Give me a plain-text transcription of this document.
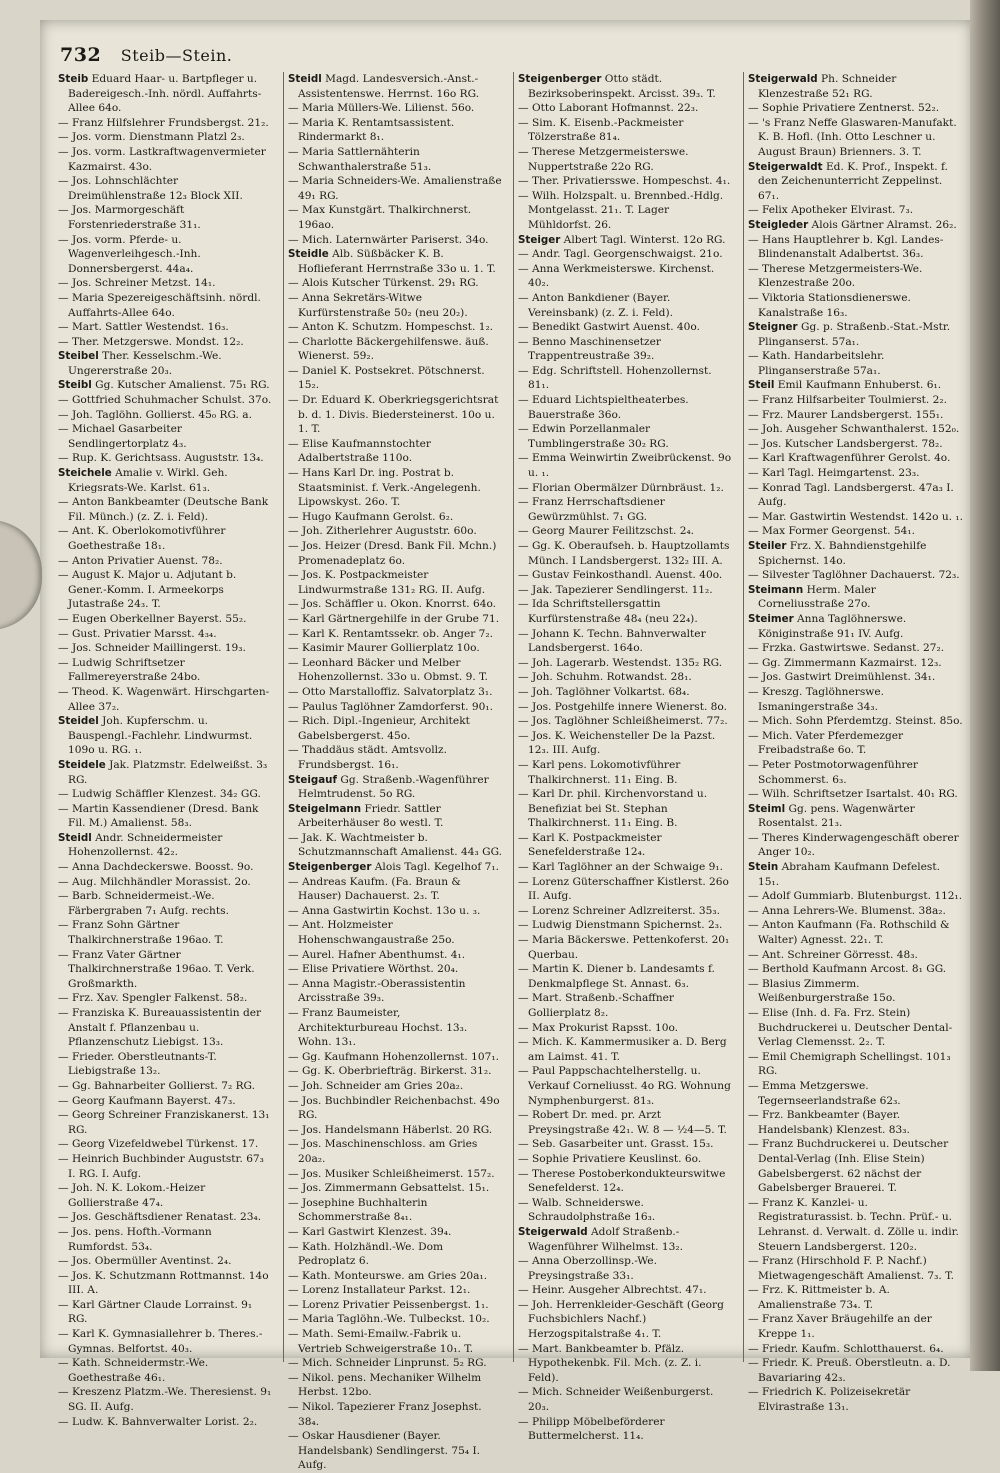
732 Steib—Stein.

Steib Eduard Haar- u. Bartpfleger u. Badereigesch.-Inh. nördl. Auffahrts-Allee 64o.

— Franz Hilfslehrer Frundsbergst. 21₂.

— Jos. vorm. Dienstmann Platzl 2₃.

— Jos. vorm. Lastkraftwagenvermieter Kazmairst. 43o.

— Jos. Lohnschlächter Dreimühlenstraße 12₃ Block XII.

— Jos. Marmorgeschäft Forstenriederstraße 31₁.

— Jos. vorm. Pferde- u. Wagenverleihgesch.-Inh. Donnersbergerst. 44a₄.

— Jos. Schreiner Metzst. 14₁.

— Maria Spezereigeschäftsinh. nördl. Auffahrts-Allee 64o.

— Mart. Sattler Westendst. 16₃.

— Ther. Metzgerswe. Mondst. 12₂.

Steibel Ther. Kesselschm.-We. Ungererstraße 20₃.

Steibl Gg. Kutscher Amalienst. 75₁ RG.

— Gottfried Schuhmacher Schulst. 37o.

— Joh. Taglöhn. Gollierst. 45₀ RG. a.

— Michael Gasarbeiter Sendlingertorplatz 4₃.

— Rup. K. Gerichtsass. Auguststr. 13₄.

Steichele Amalie v. Wirkl. Geh. Kriegsrats-We. Karlst. 61₃.

— Anton Bankbeamter (Deutsche Bank Fil. Münch.) (z. Z. i. Feld).

— Ant. K. Oberlokomotivführer Goethestraße 18₁.

— Anton Privatier Auenst. 78₂.

— August K. Major u. Adjutant b. Gener.-Komm. I. Armeekorps Jutastraße 24₃. T.

— Eugen Oberkellner Bayerst. 55₂.

— Gust. Privatier Marsst. 4₃₄.

— Jos. Schneider Maillingerst. 19₃.

— Ludwig Schriftsetzer Fallmereyerstraße 24bo.

— Theod. K. Wagenwärt. Hirschgarten-Allee 37₂.

Steidel Joh. Kupferschm. u. Bauspengl.-Fachlehr. Lindwurmst. 109o u. RG. ₁.

Steidele Jak. Platzmstr. Edelweißst. 3₃ RG.

— Ludwig Schäffler Klenzest. 34₂ GG.

— Martin Kassendiener (Dresd. Bank Fil. M.) Amalienst. 58₃.

Steidl Andr. Schneidermeister Hohenzollernst. 42₂.

— Anna Dachdeckerswe. Boosst. 9o.

— Aug. Milchhändler Morassist. 2o.

— Barb. Schneidermeist.-We. Färbergraben 7₁ Aufg. rechts.

— Franz Sohn Gärtner Thalkirchnerstraße 196ao. T.

— Franz Vater Gärtner Thalkirchnerstraße 196ao. T. Verk. Großmarkth.

— Frz. Xav. Spengler Falkenst. 58₂.

— Franziska K. Bureauassistentin der Anstalt f. Pflanzenbau u. Pflanzenschutz Liebigst. 13₃.

— Frieder. Oberstleutnants-T. Liebigstraße 13₂.

— Gg. Bahnarbeiter Gollierst. 7₂ RG.

— Georg Kaufmann Bayerst. 47₃.

— Georg Schreiner Franziskanerst. 13₁ RG.

— Georg Vizefeldwebel Türkenst. 17.

— Heinrich Buchbinder Auguststr. 67₃ I. RG. I. Aufg.

— Joh. N. K. Lokom.-Heizer Gollierstraße 47₄.

— Jos. Geschäftsdiener Renatast. 23₄.

— Jos. pens. Hofth.-Vormann Rumfordst. 53₄.

— Jos. Obermüller Aventinst. 2₄.

— Jos. K. Schutzmann Rottmannst. 14o III. A.

— Karl Gärtner Claude Lorrainst. 9₁ RG.

— Karl K. Gymnasiallehrer b. Theres.-Gymnas. Belfortst. 40₃.

— Kath. Schneidermstr.-We. Goethestraße 46₁.

— Kreszenz Platzm.-We. Theresienst. 9₁ SG. II. Aufg.

— Ludw. K. Bahnverwalter Lorist. 2₂.

Steidl Magd. Landesversich.-Anst.-Assistentenswe. Herrnst. 16o RG.

— Maria Müllers-We. Lilienst. 56o.

— Maria K. Rentamtsassistent. Rindermarkt 8₁.

— Maria Sattlernähterin Schwanthalerstraße 51₃.

— Maria Schneiders-We. Amalienstraße 49₁ RG.

— Max Kunstgärt. Thalkirchnerst. 196ao.

— Mich. Laternwärter Pariserst. 34o.

Steidle Alb. Süßbäcker K. B. Hoflieferant Herrnstraße 33o u. 1. T.

— Alois Kutscher Türkenst. 29₁ RG.

— Anna Sekretärs-Witwe Kurfürstenstraße 50₂ (neu 20₂).

— Anton K. Schutzm. Hompeschst. 1₂.

— Charlotte Bäckergehilfenswe. äuß. Wienerst. 59₂.

— Daniel K. Postsekret. Pötschnerst. 15₂.

— Dr. Eduard K. Oberkriegsgerichtsrat b. d. 1. Divis. Biedersteinerst. 10o u. 1. T.

— Elise Kaufmannstochter Adalbertstraße 110o.

— Hans Karl Dr. ing. Postrat b. Staatsminist. f. Verk.-Angelegenh. Lipowskyst. 26o. T.

— Hugo Kaufmann Gerolst. 6₂.

— Joh. Zitherlehrer Auguststr. 60o.

— Jos. Heizer (Dresd. Bank Fil. Mchn.) Promenadeplatz 6o.

— Jos. K. Postpackmeister Lindwurmstraße 131₂ RG. II. Aufg.

— Jos. Schäffler u. Okon. Knorrst. 64o.

— Karl Gärtnergehilfe in der Grube 71.

— Karl K. Rentamtssekr. ob. Anger 7₂.

— Kasimir Maurer Gollierplatz 10o.

— Leonhard Bäcker und Melber Hohenzollernst. 33o u. Obmst. 9. T.

— Otto Marstalloffiz. Salvatorplatz 3₁.

— Paulus Taglöhner Zamdorferst. 90₁.

— Rich. Dipl.-Ingenieur, Architekt Gabelsbergerst. 45o.

— Thaddäus städt. Amtsvollz. Frundsbergst. 16₁.

Steigauf Gg. Straßenb.-Wagenführer Helmtrudenst. 5o RG.

Steigelmann Friedr. Sattler Arbeiterhäuser 8o westl. T.

— Jak. K. Wachtmeister b. Schutzmannschaft Amalienst. 44₃ GG.

Steigenberger Alois Tagl. Kegelhof 7₁.

— Andreas Kaufm. (Fa. Braun & Hauser) Dachauerst. 2₃. T.

— Anna Gastwirtin Kochst. 13o u. ₃.

— Ant. Holzmeister Hohenschwangaustraße 25o.

— Aurel. Hafner Abenthumst. 4₁.

— Elise Privatiere Wörthst. 20₄.

— Anna Magistr.-Oberassistentin Arcisstraße 39₃.

— Franz Baumeister, Architekturbureau Hochst. 13₃. Wohn. 13₁.

— Gg. Kaufmann Hohenzollernst. 107₁.

— Gg. K. Oberbriefträg. Birkerst. 31₂.

— Joh. Schneider am Gries 20a₂.

— Jos. Buchbindler Reichenbachst. 49o RG.

— Jos. Handelsmann Häberlst. 20 RG.

— Jos. Maschinenschloss. am Gries 20a₂.

— Jos. Musiker Schleißheimerst. 157₂.

— Jos. Zimmermann Gebsattelst. 15₁.

— Josephine Buchhalterin Schommerstraße 8₄₁.

— Karl Gastwirt Klenzest. 39₄.

— Kath. Holzhändl.-We. Dom Pedroplatz 6.

— Kath. Monteurswe. am Gries 20a₁.

— Lorenz Installateur Parkst. 12₁.

— Lorenz Privatier Peissenbergst. 1₁.

— Maria Taglöhn.-We. Tulbeckst. 10₂.

— Math. Semi-Emailw.-Fabrik u. Vertrieb Schweigerstraße 10₁. T.

— Mich. Schneider Linprunst. 5₂ RG.

— Nikol. pens. Mechaniker Wilhelm Herbst. 12bo.

— Nikol. Tapezierer Franz Josephst. 38₄.

— Oskar Hausdiener (Bayer. Handelsbank) Sendlingerst. 75₄ I. Aufg.

Steigenberger Otto städt. Bezirksoberinspekt. Arcisst. 39₃. T.

— Otto Laborant Hofmannst. 22₃.

— Sim. K. Eisenb.-Packmeister Tölzerstraße 81₄.

— Therese Metzgermeisterswe. Nuppertstraße 22o RG.

— Ther. Privatiersswe. Hompeschst. 4₁.

— Wilh. Holzspalt. u. Brennbed.-Hdlg. Montgelasst. 21₁. T. Lager Mühldorfst. 26.

Steiger Albert Tagl. Winterst. 12o RG.

— Andr. Tagl. Georgenschwaigst. 21o.

— Anna Werkmeisterswe. Kirchenst. 40₂.

— Anton Bankdiener (Bayer. Vereinsbank) (z. Z. i. Feld).

— Benedikt Gastwirt Auenst. 40o.

— Benno Maschinensetzer Trappentreustraße 39₂.

— Edg. Schriftstell. Hohenzollernst. 81₁.

— Eduard Lichtspieltheaterbes. Bauerstraße 36o.

— Edwin Porzellanmaler Tumblingerstraße 30₂ RG.

— Emma Weinwirtin Zweibrückenst. 9o u. ₁.

— Florian Obermälzer Dürnbräust. 1₂.

— Franz Herrschaftsdiener Gewürzmühlst. 7₁ GG.

— Georg Maurer Feilitzschst. 2₄.

— Gg. K. Oberaufseh. b. Hauptzollamts Münch. I Landsbergerst. 132₂ III. A.

— Gustav Feinkosthandl. Auenst. 40o.

— Jak. Tapezierer Sendlingerst. 11₂.

— Ida Schriftstellersgattin Kurfürstenstraße 48₄ (neu 22₄).

— Johann K. Techn. Bahnverwalter Landsbergerst. 164o.

— Joh. Lagerarb. Westendst. 135₂ RG.

— Joh. Schuhm. Rotwandst. 28₁.

— Joh. Taglöhner Volkartst. 68₄.

— Jos. Postgehilfe innere Wienerst. 8o.

— Jos. Taglöhner Schleißheimerst. 77₂.

— Jos. K. Weichensteller De la Pazst. 12₃. III. Aufg.

— Karl pens. Lokomotivführer Thalkirchnerst. 11₁ Eing. B.

— Karl Dr. phil. Kirchenvorstand u. Benefiziat bei St. Stephan Thalkirchnerst. 11₁ Eing. B.

— Karl K. Postpackmeister Senefelderstraße 12₄.

— Karl Taglöhner an der Schwaige 9₁.

— Lorenz Güterschaffner Kistlerst. 26o II. Aufg.

— Lorenz Schreiner Adlzreiterst. 35₃.

— Ludwig Dienstmann Spichernst. 2₃.

— Maria Bäckerswe. Pettenkoferst. 20₁ Querbau.

— Martin K. Diener b. Landesamts f. Denkmalpflege St. Annast. 6₃.

— Mart. Straßenb.-Schaffner Gollierplatz 8₂.

— Max Prokurist Rapsst. 10o.

— Mich. K. Kammermusiker a. D. Berg am Laimst. 41. T.

— Paul Pappschachtelherstellg. u. Verkauf Corneliusst. 4o RG. Wohnung Nymphenburgerst. 81₃.

— Robert Dr. med. pr. Arzt Preysingstraße 42₁. W. 8 — ½4—5. T.

— Seb. Gasarbeiter unt. Grasst. 15₃.

— Sophie Privatiere Keuslinst. 6o.

— Therese Postoberkondukteurswitwe Senefelderst. 12₄.

— Walb. Schneiderswe. Schraudolphstraße 16₃.

Steigerwald Adolf Straßenb.-Wagenführer Wilhelmst. 13₂.

— Anna Oberzollinsp.-We. Preysingstraße 33₁.

— Heinr. Ausgeher Albrechtst. 47₁.

— Joh. Herrenkleider-Geschäft (Georg Fuchsbichlers Nachf.) Herzogspitalstraße 4₁. T.

— Mart. Bankbeamter b. Pfälz. Hypothekenbk. Fil. Mch. (z. Z. i. Feld).

— Mich. Schneider Weißenburgerst. 20₃.

— Philipp Möbelbeförderer Buttermelcherst. 11₄.

Steigerwald Ph. Schneider Klenzestraße 52₁ RG.

— Sophie Privatiere Zentnerst. 52₂.

— 's Franz Neffe Glaswaren-Manufakt. K. B. Hofl. (Inh. Otto Leschner u. August Braun) Brienners. 3. T.

Steigerwaldt Ed. K. Prof., Inspekt. f. den Zeichenunterricht Zeppelinst. 67₁.

— Felix Apotheker Elvirast. 7₃.

Steigleder Alois Gärtner Alramst. 26₂.

— Hans Hauptlehrer b. Kgl. Landes-Blindenanstalt Adalbertst. 36₃.

— Therese Metzgermeisters-We. Klenzestraße 20o.

— Viktoria Stationsdienerswe. Kanalstraße 16₃.

Steigner Gg. p. Straßenb.-Stat.-Mstr. Plinganserst. 57a₁.

— Kath. Handarbeitslehr. Plinganserstraße 57a₁.

Steil Emil Kaufmann Enhuberst. 6₁.

— Franz Hilfsarbeiter Toulmierst. 2₂.

— Frz. Maurer Landsbergerst. 155₁.

— Joh. Ausgeher Schwanthalerst. 152₀.

— Jos. Kutscher Landsbergerst. 78₂.

— Karl Kraftwagenführer Gerolst. 4o.

— Karl Tagl. Heimgartenst. 23₃.

— Konrad Tagl. Landsbergerst. 47a₃ I. Aufg.

— Mar. Gastwirtin Westendst. 142o u. ₁.

— Max Former Georgenst. 54₁.

Steiler Frz. X. Bahndienstgehilfe Spichernst. 14o.

— Silvester Taglöhner Dachauerst. 72₃.

Steimann Herm. Maler Corneliusstraße 27o.

Steimer Anna Taglöhnerswe. Königinstraße 91₁ IV. Aufg.

— Frzka. Gastwirtswe. Sedanst. 27₂.

— Gg. Zimmermann Kazmairst. 12₃.

— Jos. Gastwirt Dreimühlenst. 34₁.

— Kreszg. Taglöhnerswe. Ismaningerstraße 34₃.

— Mich. Sohn Pferdemtzg. Steinst. 85o.

— Mich. Vater Pferdemezger Freibadstraße 6o. T.

— Peter Postmotorwagenführer Schommerst. 6₃.

— Wilh. Schriftsetzer Isartalst. 40₁ RG.

Steiml Gg. pens. Wagenwärter Rosentalst. 21₃.

— Theres Kinderwagengeschäft oberer Anger 10₂.

Stein Abraham Kaufmann Defelest. 15₁.

— Adolf Gummiarb. Blutenburgst. 112₁.

— Anna Lehrers-We. Blumenst. 38a₂.

— Anton Kaufmann (Fa. Rothschild & Walter) Agnesst. 22₁. T.

— Ant. Schreiner Görresst. 48₃.

— Berthold Kaufmann Arcost. 8₁ GG.

— Blasius Zimmerm. Weißenburgerstraße 15o.

— Elise (Inh. d. Fa. Frz. Stein) Buchdruckerei u. Deutscher Dental-Verlag Clemensst. 2₂. T.

— Emil Chemigraph Schellingst. 101₃ RG.

— Emma Metzgerswe. Tegernseerlandstraße 62₃.

— Frz. Bankbeamter (Bayer. Handelsbank) Klenzest. 83₃.

— Franz Buchdruckerei u. Deutscher Dental-Verlag (Inh. Elise Stein) Gabelsbergerst. 62 nächst der Gabelsberger Brauerei. T.

— Franz K. Kanzlei- u. Registraturassist. b. Techn. Prüf.- u. Lehranst. d. Verwalt. d. Zölle u. indir. Steuern Landsbergerst. 120₂.

— Franz (Hirschhold F. P. Nachf.) Mietwagengeschäft Amalienst. 7₃. T.

— Frz. K. Rittmeister b. A. Amalienstraße 73₄. T.

— Franz Xaver Bräugehilfe an der Kreppe 1₁.

— Friedr. Kaufm. Schlotthauerst. 6₄.

— Friedr. K. Preuß. Oberstleutn. a. D. Bavariaring 42₃.

— Friedrich K. Polizeisekretär Elvirastraße 13₁.
